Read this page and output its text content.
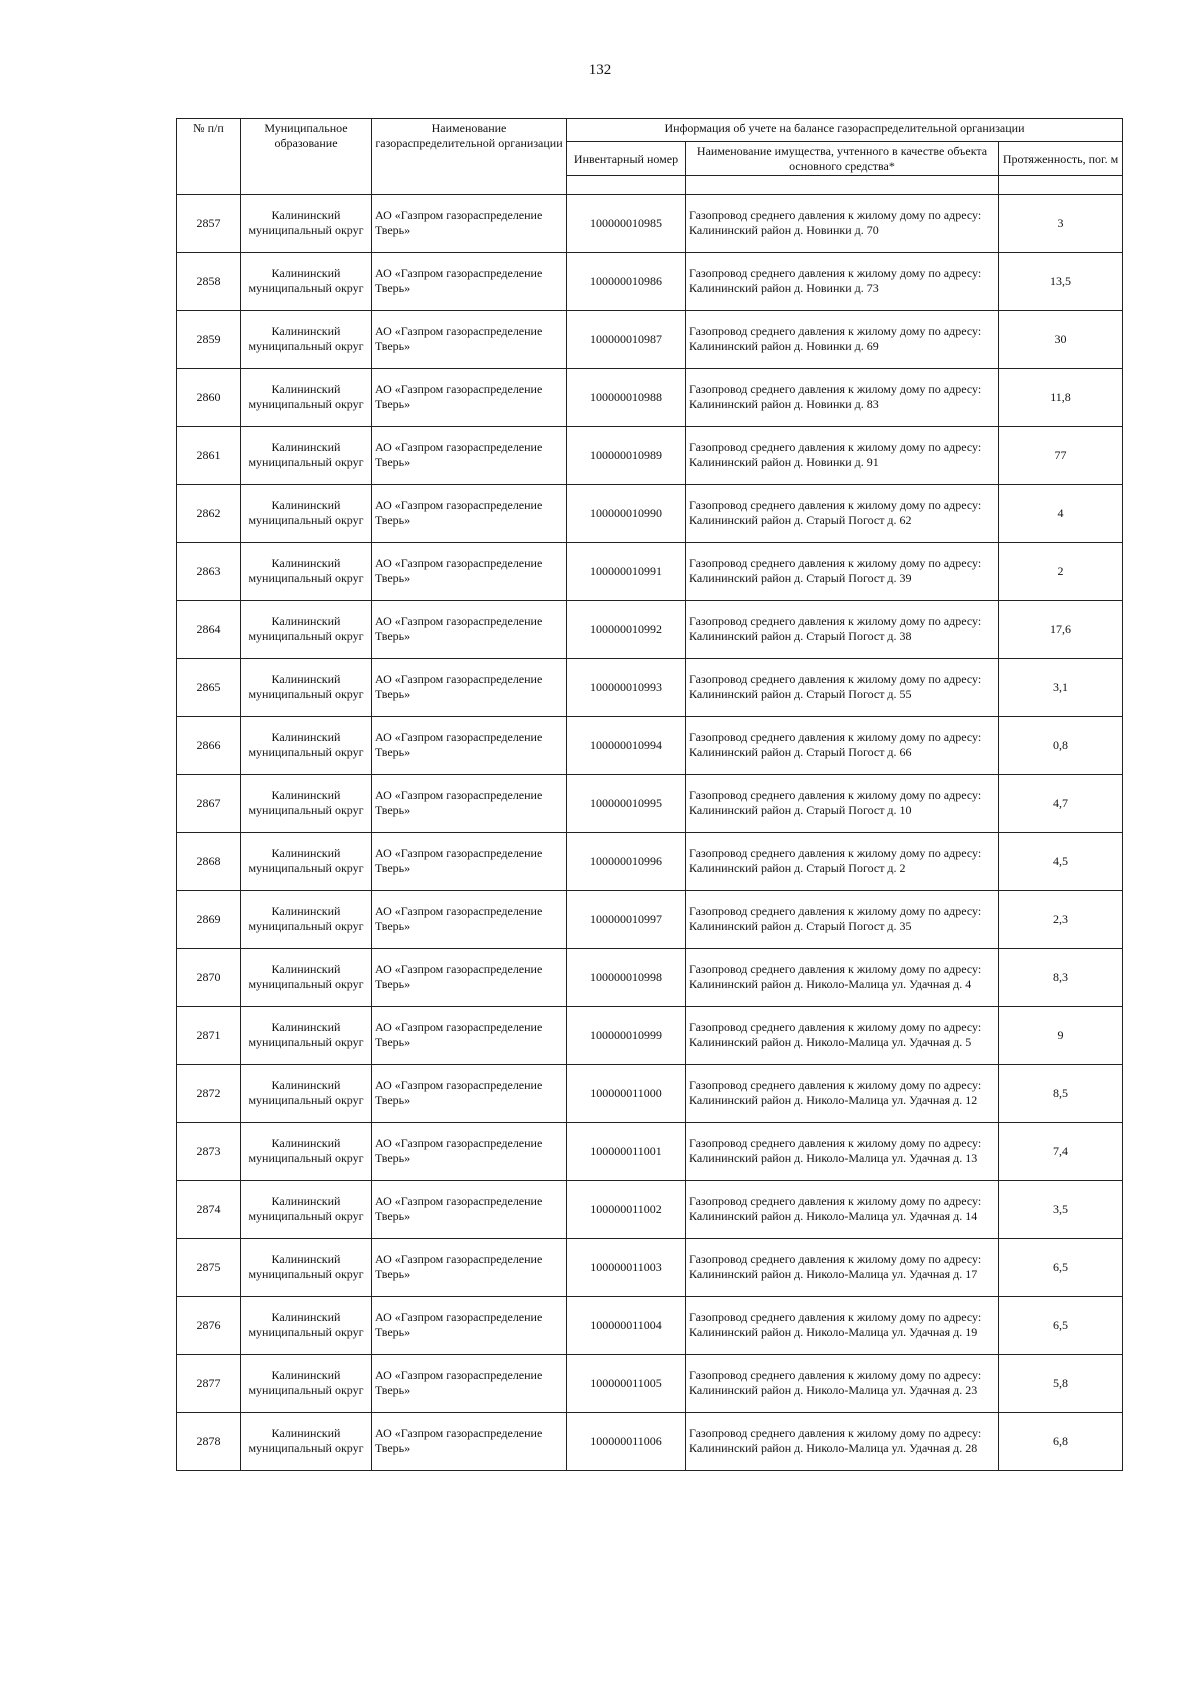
132
№ п/п	Муниципальное образование	Наименование газораспределительной организации	Информация об учете на балансе газораспределительной организации		
			Инвентарный номер	Наименование имущества, учтенного в качестве объекта основного средства*	Протяженность, пог. м

2857	Калининский муниципальный округ	АО «Газпром газораспределение Тверь»	100000010985	Газопровод среднего давления к жилому дому по адресу: Калининский район д. Новинки д. 70	3
2858	Калининский муниципальный округ	АО «Газпром газораспределение Тверь»	100000010986	Газопровод среднего давления к жилому дому по адресу: Калининский район д. Новинки д. 73	13,5
2859	Калининский муниципальный округ	АО «Газпром газораспределение Тверь»	100000010987	Газопровод среднего давления к жилому дому по адресу: Калининский район д. Новинки д. 69	30
2860	Калининский муниципальный округ	АО «Газпром газораспределение Тверь»	100000010988	Газопровод среднего давления к жилому дому по адресу: Калининский район д. Новинки д. 83	11,8
2861	Калининский муниципальный округ	АО «Газпром газораспределение Тверь»	100000010989	Газопровод среднего давления к жилому дому по адресу: Калининский район д. Новинки д. 91	77
2862	Калининский муниципальный округ	АО «Газпром газораспределение Тверь»	100000010990	Газопровод среднего давления к жилому дому по адресу: Калининский район д. Старый Погост д. 62	4
2863	Калининский муниципальный округ	АО «Газпром газораспределение Тверь»	100000010991	Газопровод среднего давления к жилому дому по адресу: Калининский район д. Старый Погост д. 39	2
2864	Калининский муниципальный округ	АО «Газпром газораспределение Тверь»	100000010992	Газопровод среднего давления к жилому дому по адресу: Калининский район д. Старый Погост д. 38	17,6
2865	Калининский муниципальный округ	АО «Газпром газораспределение Тверь»	100000010993	Газопровод среднего давления к жилому дому по адресу: Калининский район д. Старый Погост д. 55	3,1
2866	Калининский муниципальный округ	АО «Газпром газораспределение Тверь»	100000010994	Газопровод среднего давления к жилому дому по адресу: Калининский район д. Старый Погост д. 66	0,8
2867	Калининский муниципальный округ	АО «Газпром газораспределение Тверь»	100000010995	Газопровод среднего давления к жилому дому по адресу: Калининский район д. Старый Погост д. 10	4,7
2868	Калининский муниципальный округ	АО «Газпром газораспределение Тверь»	100000010996	Газопровод среднего давления к жилому дому по адресу: Калининский район д. Старый Погост д. 2	4,5
2869	Калининский муниципальный округ	АО «Газпром газораспределение Тверь»	100000010997	Газопровод среднего давления к жилому дому по адресу: Калининский район д. Старый Погост д. 35	2,3
2870	Калининский муниципальный округ	АО «Газпром газораспределение Тверь»	100000010998	Газопровод среднего давления к жилому дому по адресу: Калининский район д. Николо-Малица ул. Удачная д. 4	8,3
2871	Калининский муниципальный округ	АО «Газпром газораспределение Тверь»	100000010999	Газопровод среднего давления к жилому дому по адресу: Калининский район д. Николо-Малица ул. Удачная д. 5	9
2872	Калининский муниципальный округ	АО «Газпром газораспределение Тверь»	100000011000	Газопровод среднего давления к жилому дому по адресу: Калининский район д. Николо-Малица ул. Удачная д. 12	8,5
2873	Калининский муниципальный округ	АО «Газпром газораспределение Тверь»	100000011001	Газопровод среднего давления к жилому дому по адресу: Калининский район д. Николо-Малица ул. Удачная д. 13	7,4
2874	Калининский муниципальный округ	АО «Газпром газораспределение Тверь»	100000011002	Газопровод среднего давления к жилому дому по адресу: Калининский район д. Николо-Малица ул. Удачная д. 14	3,5
2875	Калининский муниципальный округ	АО «Газпром газораспределение Тверь»	100000011003	Газопровод среднего давления к жилому дому по адресу: Калининский район д. Николо-Малица ул. Удачная д. 17	6,5
2876	Калининский муниципальный округ	АО «Газпром газораспределение Тверь»	100000011004	Газопровод среднего давления к жилому дому по адресу: Калининский район д. Николо-Малица ул. Удачная д. 19	6,5
2877	Калининский муниципальный округ	АО «Газпром газораспределение Тверь»	100000011005	Газопровод среднего давления к жилому дому по адресу: Калининский район д. Николо-Малица ул. Удачная д. 23	5,8
2878	Калининский муниципальный округ	АО «Газпром газораспределение Тверь»	100000011006	Газопровод среднего давления к жилому дому по адресу: Калининский район д. Николо-Малица ул. Удачная д. 28	6,8
